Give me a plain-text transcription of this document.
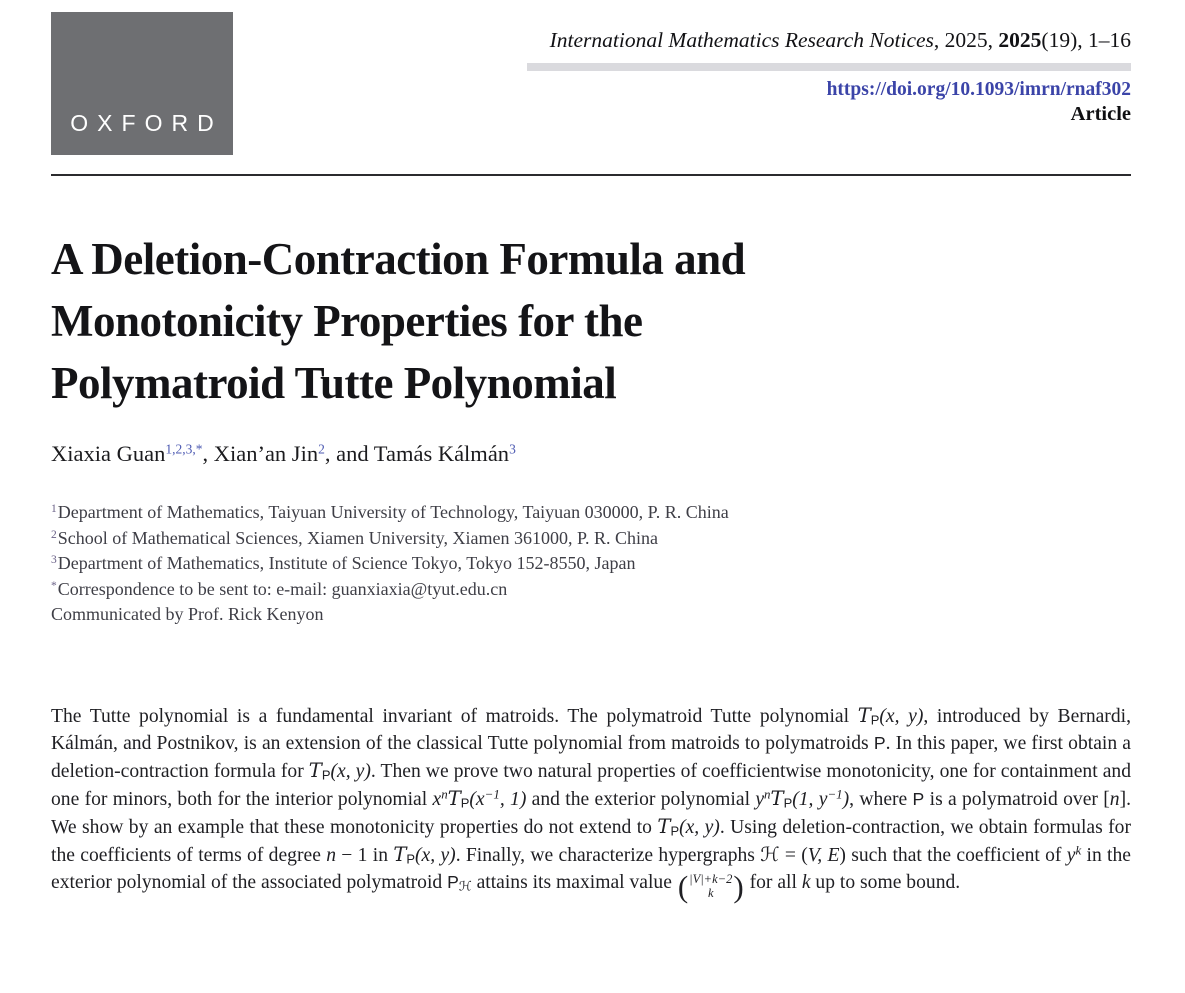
OXFORD
International Mathematics Research Notices, 2025, 2025(19), 1–16
https://doi.org/10.1093/imrn/rnaf302
Article
A Deletion-Contraction Formula and
Monotonicity Properties for the
Polymatroid Tutte Polynomial
Xiaxia Guan$^{1,2,3,*}$, Xian’an Jin$^2$, and Tamás Kálmán$^3$
$^1$Department of Mathematics, Taiyuan University of Technology, Taiyuan 030000, P. R. China
$^2$School of Mathematical Sciences, Xiamen University, Xiamen 361000, P. R. China
$^3$Department of Mathematics, Institute of Science Tokyo, Tokyo 152-8550, Japan
*Correspondence to be sent to: e-mail: guanxiaxia@tyut.edu.cn
Communicated by Prof. Rick Kenyon
The Tutte polynomial is a fundamental invariant of matroids. The polymatroid Tutte polynomial $T_P(x$, y), introduced by Bernardi, Kálmán, and Postnikov, is an extension of the classical Tutte polynomial from matroids to polymatroids P. In this paper, we first obtain a deletion-contraction formula for $T_P(x$, y). Then we prove two natural properties of coefficientwise monotonicity, one for containment and one for minors, both for the interior polynomial $x^nT_P(x^{-1}$, 1) and the exterior polynomial $y^nT_P(1$, $y^{-1}$), where P is a polymatroid over [n]. We show by an example that these monotonicity properties do not extend to $T_P(x$, y). Using deletion-contraction, we obtain formulas for the coefficients of terms of degree n − 1 in $T_P(x$, y). Finally, we characterize hypergraphs ℋ = (V, E) such that the coefficient of $y^k$ in the exterior polynomial of the associated polymatroid $P_ℋ$ attains its maximal value ( |V|+k−2
k ) for all k up to some bound.
